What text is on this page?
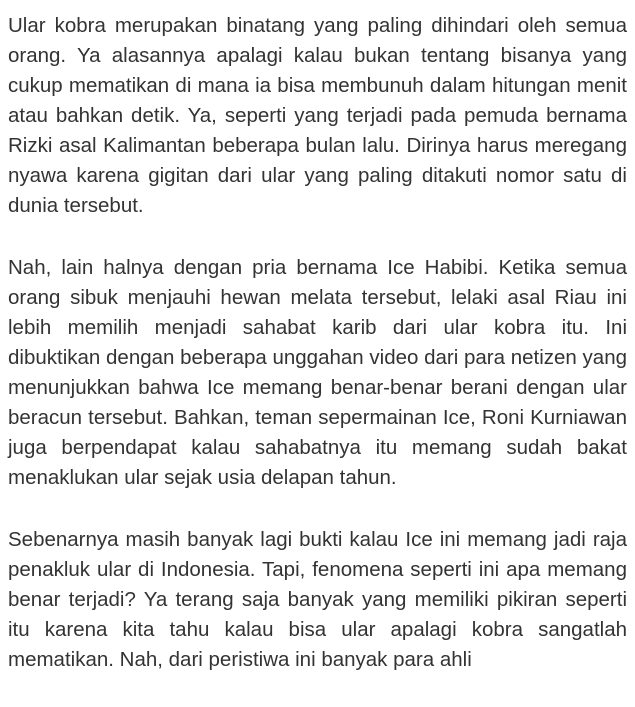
Ular kobra merupakan binatang yang paling dihindari oleh semua orang. Ya alasannya apalagi kalau bukan tentang bisanya yang cukup mematikan di mana ia bisa membunuh dalam hitungan menit atau bahkan detik. Ya, seperti yang terjadi pada pemuda bernama Rizki asal Kalimantan beberapa bulan lalu. Dirinya harus meregang nyawa karena gigitan dari ular yang paling ditakuti nomor satu di dunia tersebut.

Nah, lain halnya dengan pria bernama Ice Habibi. Ketika semua orang sibuk menjauhi hewan melata tersebut, lelaki asal Riau ini lebih memilih menjadi sahabat karib dari ular kobra itu. Ini dibuktikan dengan beberapa unggahan video dari para netizen yang menunjukkan bahwa Ice memang benar-benar berani dengan ular beracun tersebut. Bahkan, teman sepermainan Ice, Roni Kurniawan juga berpendapat kalau sahabatnya itu memang sudah bakat menaklukan ular sejak usia delapan tahun.

Sebenarnya masih banyak lagi bukti kalau Ice ini memang jadi raja penakluk ular di Indonesia. Tapi, fenomena seperti ini apa memang benar terjadi? Ya terang saja banyak yang memiliki pikiran seperti itu karena kita tahu kalau bisa ular apalagi kobra sangatlah mematikan. Nah, dari peristiwa ini banyak para ahli
